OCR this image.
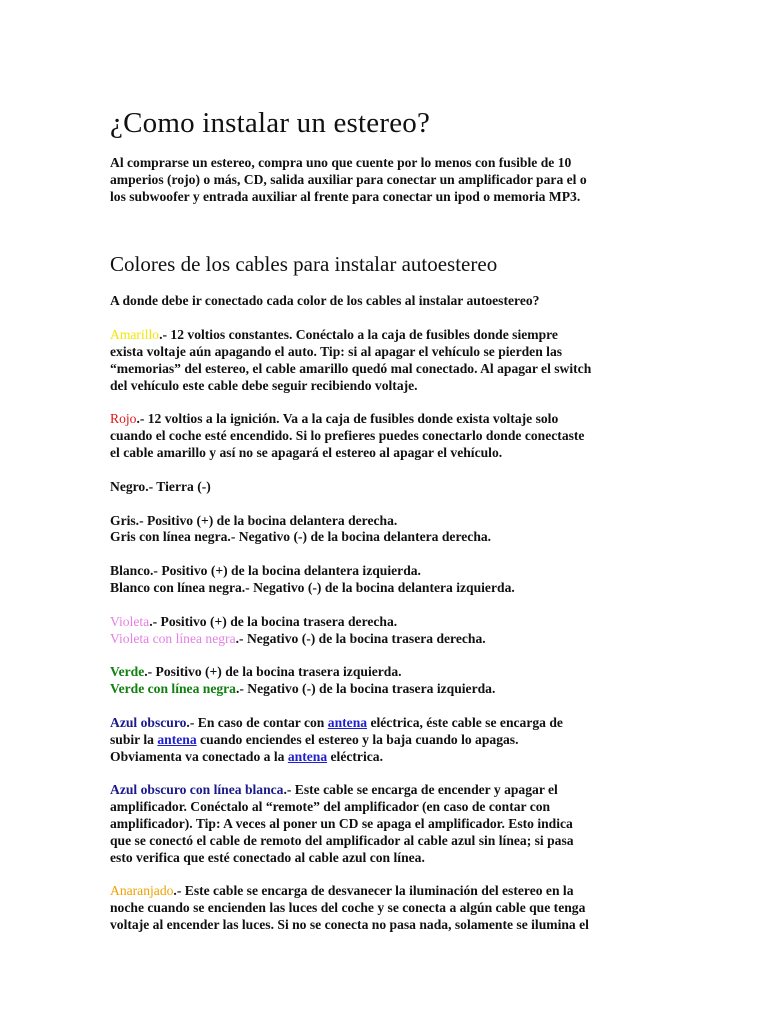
¿Como instalar un estereo?

Al comprarse un estereo, compra uno que cuente por lo menos con fusible de 10
amperios (rojo) o más, CD, salida auxiliar para conectar un amplificador para el o
los subwoofer y entrada auxiliar al frente para conectar un ipod o memoria MP3.

Colores de los cables para instalar autoestereo

A donde debe ir conectado cada color de los cables al instalar autoestereo?

Amarillo.- 12 voltios constantes. Conéctalo a la caja de fusibles donde siempre
exista voltaje aún apagando el auto. Tip: si al apagar el vehículo se pierden las
“memorias” del estereo, el cable amarillo quedó mal conectado. Al apagar el switch
del vehículo este cable debe seguir recibiendo voltaje.

Rojo.- 12 voltios a la ignición. Va a la caja de fusibles donde exista voltaje solo
cuando el coche esté encendido. Si lo prefieres puedes conectarlo donde conectaste
el cable amarillo y así no se apagará el estereo al apagar el vehículo.

Negro.- Tierra (-)

Gris.- Positivo (+) de la bocina delantera derecha.
Gris con línea negra.- Negativo (-) de la bocina delantera derecha.

Blanco.- Positivo (+) de la bocina delantera izquierda.
Blanco con línea negra.- Negativo (-) de la bocina delantera izquierda.

Violeta.- Positivo (+) de la bocina trasera derecha.
Violeta con línea negra.- Negativo (-) de la bocina trasera derecha.

Verde.- Positivo (+) de la bocina trasera izquierda.
Verde con línea negra.- Negativo (-) de la bocina trasera izquierda.

Azul obscuro.- En caso de contar con antena eléctrica, éste cable se encarga de
subir la antena cuando enciendes el estereo y la baja cuando lo apagas.
Obviamenta va conectado a la antena eléctrica.

Azul obscuro con línea blanca.- Este cable se encarga de encender y apagar el
amplificador. Conéctalo al “remote” del amplificador (en caso de contar con
amplificador). Tip: A veces al poner un CD se apaga el amplificador. Esto indica
que se conectó el cable de remoto del amplificador al cable azul sin línea; si pasa
esto verifica que esté conectado al cable azul con línea.

Anaranjado.- Este cable se encarga de desvanecer la iluminación del estereo en la
noche cuando se encienden las luces del coche y se conecta a algún cable que tenga
voltaje al encender las luces. Si no se conecta no pasa nada, solamente se ilumina el
